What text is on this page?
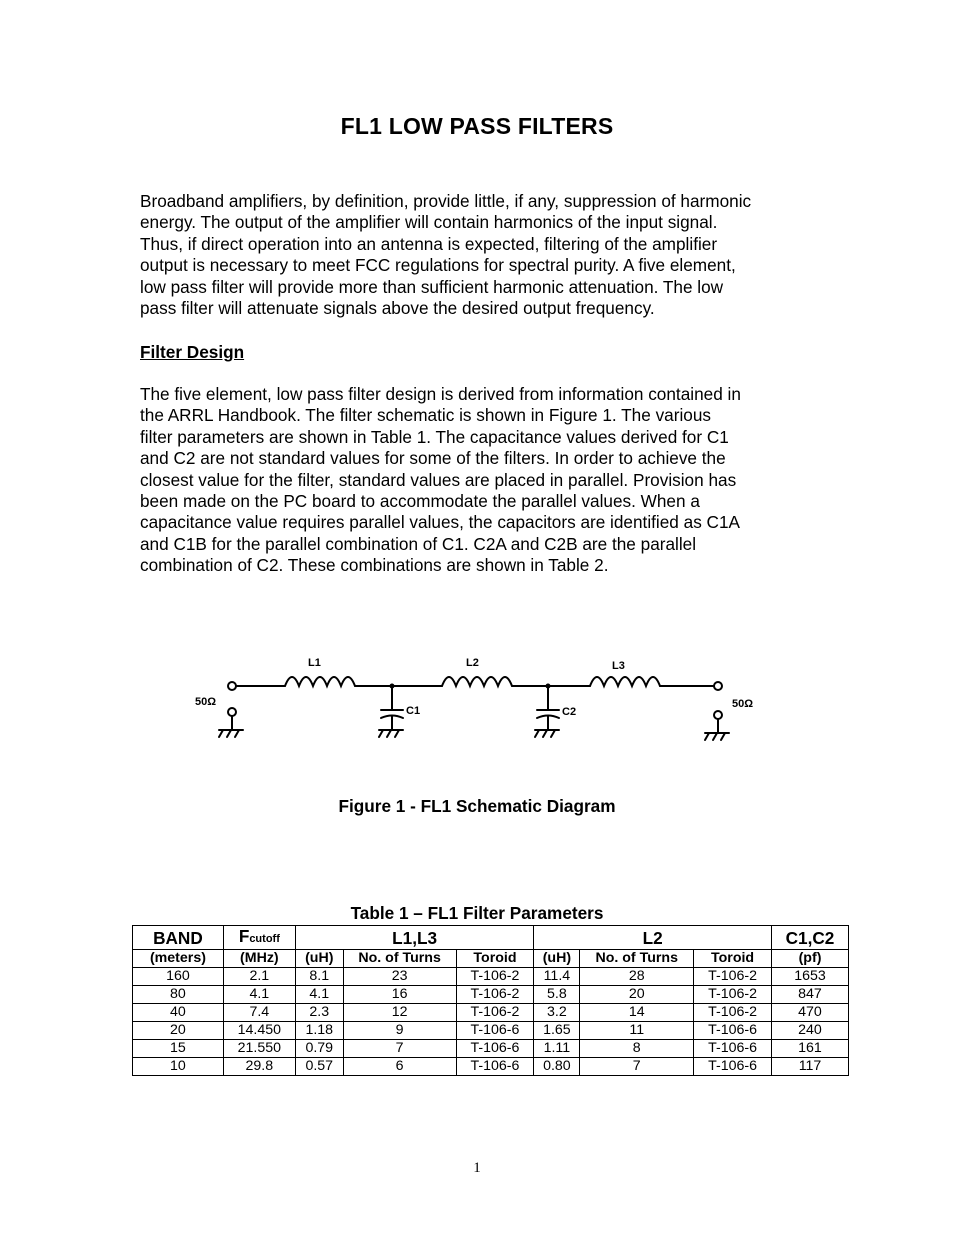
FL1 LOW PASS FILTERS
Broadband amplifiers, by definition, provide little, if any, suppression of harmonic
energy. The output of the amplifier will contain harmonics of the input signal.
Thus, if direct operation into an antenna is expected, filtering of the amplifier
output is necessary to meet FCC regulations for spectral purity. A five element,
low pass filter will provide more than sufficient harmonic attenuation. The low
pass filter will attenuate signals above the desired output frequency.
Filter Design
The five element, low pass filter design is derived from information contained in
the ARRL Handbook. The filter schematic is shown in Figure 1. The various
filter parameters are shown in Table 1. The capacitance values derived for C1
and C2 are not standard values for some of the filters. In order to achieve the
closest value for the filter, standard values are placed in parallel. Provision has
been made on the PC board to accommodate the parallel values. When a
capacitance value requires parallel values, the capacitors are identified as C1A
and C1B for the parallel combination of C1. C2A and C2B are the parallel
combination of C2. These combinations are shown in Table 2.
L1	L2	L3
C1	C2
50Ω	50Ω
Figure 1 - FL1 Schematic Diagram
Table 1 – FL1 Filter Parameters
BAND	Fcutoff	L1,L3			L2			C1,C2
(meters)	(MHz)	(uH)	No. of Turns	Toroid	(uH)	No. of Turns	Toroid	(pf)
160	2.1	8.1	23	T-106-2	11.4	28	T-106-2	1653
80	4.1	4.1	16	T-106-2	5.8	20	T-106-2	847
40	7.4	2.3	12	T-106-2	3.2	14	T-106-2	470
20	14.450	1.18	9	T-106-6	1.65	11	T-106-6	240
15	21.550	0.79	7	T-106-6	1.11	8	T-106-6	161
10	29.8	0.57	6	T-106-6	0.80	7	T-106-6	117
1
